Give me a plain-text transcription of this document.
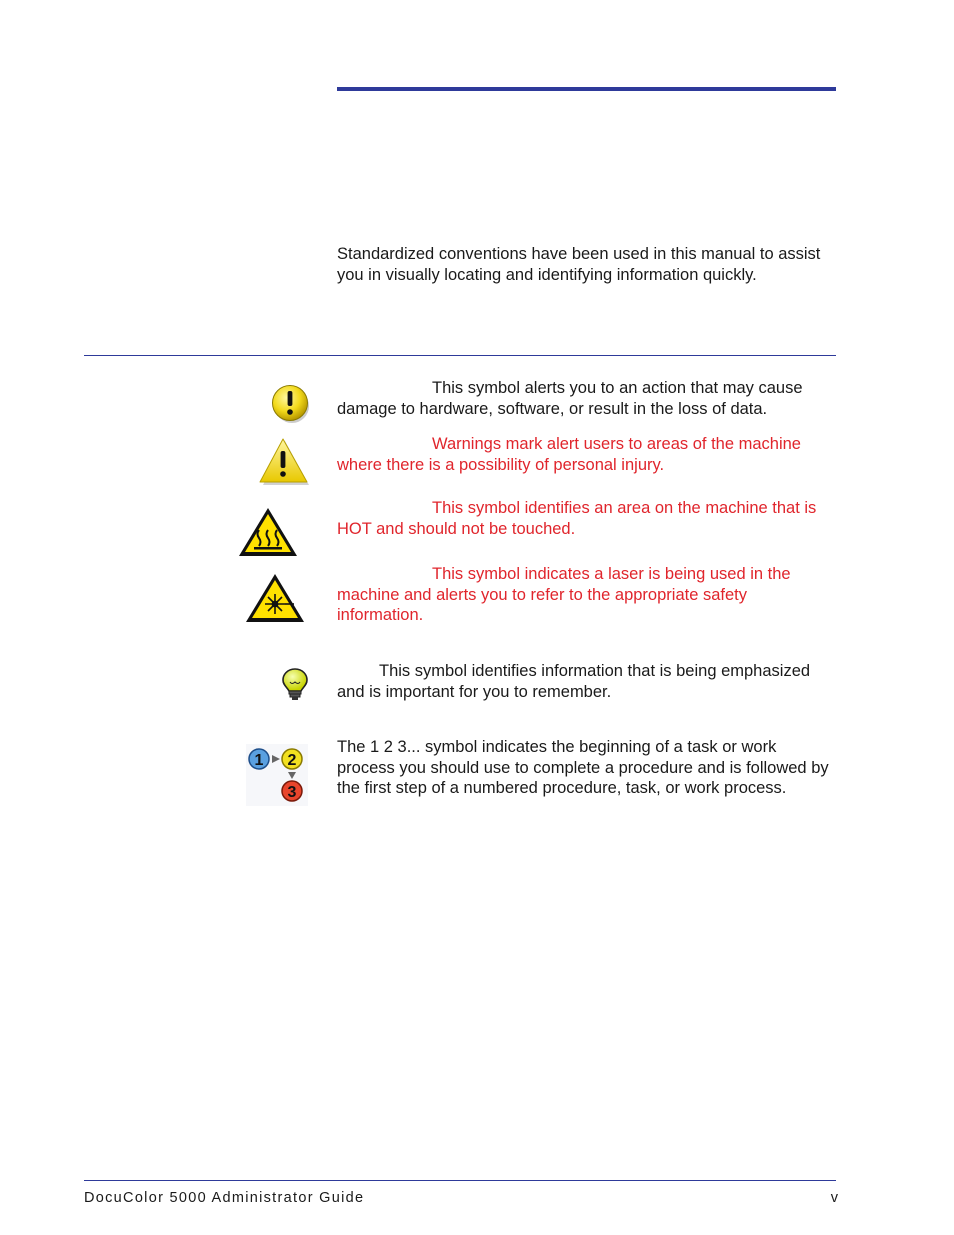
Standardized conventions have been used in this manual to assist you in visually locating and identifying information quickly.

This symbol alerts you to an action that may cause damage to hardware, software, or result in the loss of data.

Warnings mark alert users to areas of the machine where there is a possibility of personal injury.

This symbol identifies an area on the machine that is HOT and should not be touched.

This symbol indicates a laser is being used in the machine and alerts you to refer to the appropriate safety information.

This symbol identifies information that is being emphasized and is important for you to remember.

1 2
3

The 1 2 3... symbol indicates the beginning of a task or work process you should use to complete a procedure and is followed by the first step of a numbered procedure, task, or work process.

DocuColor 5000 Administrator Guide	v
